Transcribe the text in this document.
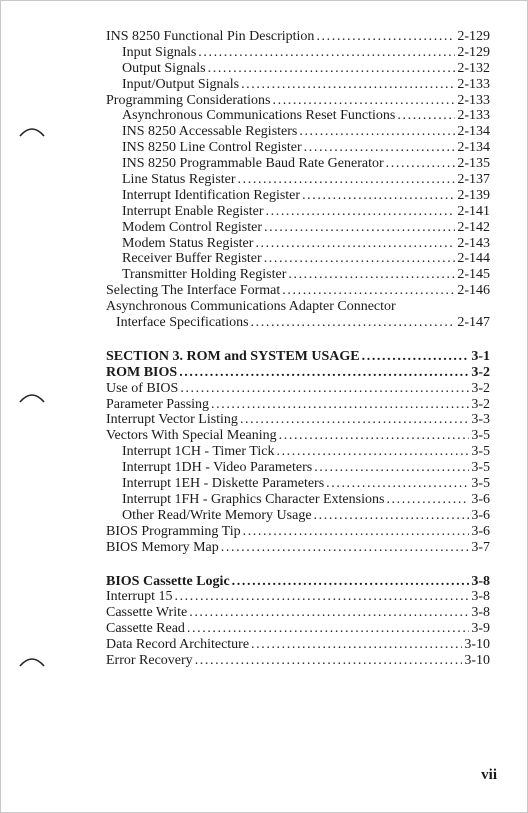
INS 8250 Functional Pin Description .....	2-129
Input Signals .....	2-129
Output Signals .....	2-132
Input/Output Signals .....	2-133
Programming Considerations .....	2-133
Asynchronous Communications Reset Functions .....	2-133
INS 8250 Accessable Registers .....	2-134
INS 8250 Line Control Register .....	2-134
INS 8250 Programmable Baud Rate Generator .....	2-135
Line Status Register .....	2-137
Interrupt Identification Register .....	2-139
Interrupt Enable Register .....	2-141
Modem Control Register .....	2-142
Modem Status Register .....	2-143
Receiver Buffer Register .....	2-144
Transmitter Holding Register .....	2-145
Selecting The Interface Format .....	2-146
Asynchronous Communications Adapter Connector
Interface Specifications .....	2-147
SECTION 3. ROM and SYSTEM USAGE .....	3-1
ROM BIOS .....	3-2
Use of BIOS .....	3-2
Parameter Passing .....	3-2
Interrupt Vector Listing .....	3-3
Vectors With Special Meaning .....	3-5
Interrupt 1CH - Timer Tick .....	3-5
Interrupt 1DH - Video Parameters .....	3-5
Interrupt 1EH - Diskette Parameters .....	3-5
Interrupt 1FH - Graphics Character Extensions .....	3-6
Other Read/Write Memory Usage .....	3-6
BIOS Programming Tip .....	3-6
BIOS Memory Map .....	3-7
BIOS Cassette Logic .....	3-8
Interrupt 15 .....	3-8
Cassette Write .....	3-8
Cassette Read .....	3-9
Data Record Architecture .....	3-10
Error Recovery .....	3-10
vii
